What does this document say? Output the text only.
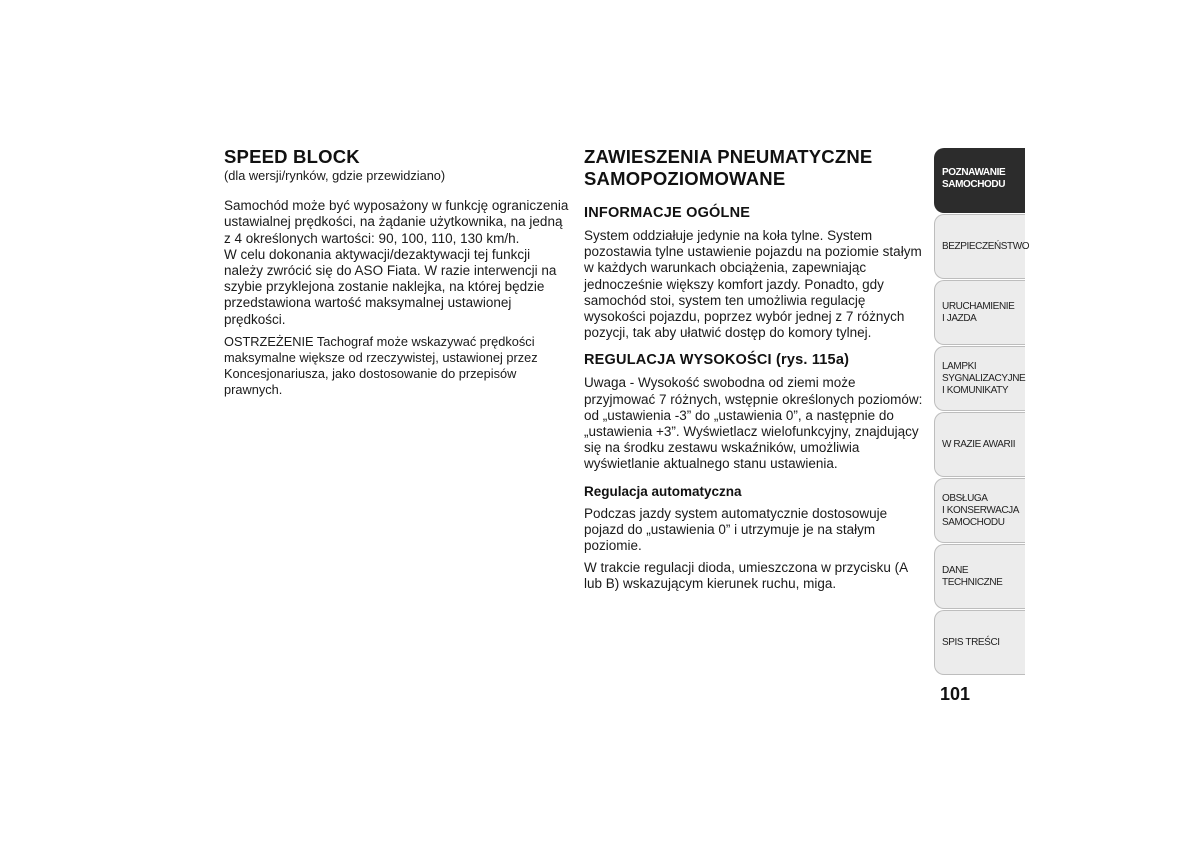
SPEED BLOCK

(dla wersji/rynków, gdzie przewidziano)

Samochód może być wyposażony w funkcję ograniczenia ustawialnej prędkości, na żądanie użytkownika, na jedną z 4 określonych wartości: 90, 100, 110, 130 km/h.

W celu dokonania aktywacji/dezaktywacji tej funkcji należy zwrócić się do ASO Fiata. W razie interwencji na szybie przyklejona zostanie naklejka, na której będzie przedstawiona wartość maksymalnej ustawionej prędkości.

OSTRZEŻENIE Tachograf może wskazywać prędkości maksymalne większe od rzeczywistej, ustawionej przez Koncesjonariusza, jako dostosowanie do przepisów prawnych.

ZAWIESZENIA PNEUMATYCZNE
SAMOPOZIOMOWANE
INFORMACJE OGÓLNE

System oddziałuje jedynie na koła tylne. System pozostawia tylne ustawienie pojazdu na poziomie stałym w każdych warunkach obciążenia, zapewniając jednocześnie większy komfort jazdy. Ponadto, gdy samochód stoi, system ten umożliwia regulację wysokości pojazdu, poprzez wybór jednej z 7 różnych pozycji, tak aby ułatwić dostęp do komory tylnej.

REGULACJA WYSOKOŚCI (rys. 115a)

Uwaga - Wysokość swobodna od ziemi może przyjmować 7 różnych, wstępnie określonych poziomów: od „ustawienia -3” do „ustawienia 0”, a następnie do „ustawienia +3”. Wyświetlacz wielofunkcyjny, znajdujący się na środku zestawu wskaźników, umożliwia wyświetlanie aktualnego stanu ustawienia.

Regulacja automatyczna

Podczas jazdy system automatycznie dostosowuje pojazd do „ustawienia 0” i utrzymuje je na stałym poziomie.

W trakcie regulacji dioda, umieszczona w przycisku (A lub B) wskazującym kierunek ruchu, miga.

POZNAWANIE
SAMOCHODU
BEZPIECZEŃSTWO
URUCHAMIENIE
I JAZDA
LAMPKI
SYGNALIZACYJNE
I KOMUNIKATY
W RAZIE AWARII
OBSŁUGA
I KONSERWACJA
SAMOCHODU
DANE TECHNICZNE
SPIS TREŚCI
101
